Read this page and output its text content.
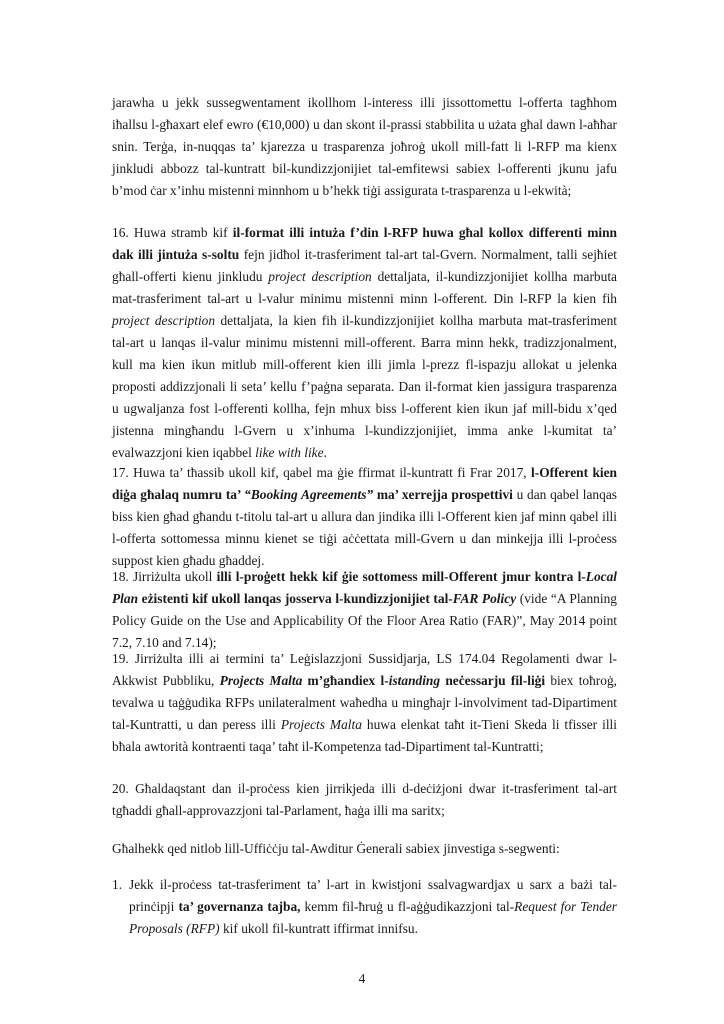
jarawha u jekk sussegwentament ikollhom l-interess illi jissottomettu l-offerta tagħhom iħallsu l-għaxart elef ewro (€10,000) u dan skont il-prassi stabbilita u użata għal dawn l-aħħar snin. Terġa, in-nuqqas ta’ kjarezza u trasparenza joħroġ ukoll mill-fatt li l-RFP ma kienx jinkludi abbozz tal-kuntratt bil-kundizzjonijiet tal-emfitewsi sabiex l-offerenti jkunu jafu b’mod ċar x’inhu mistenni minnhom u b’hekk tiġi assigurata t-trasparenza u l-ekwità;

16. Huwa stramb kif il-format illi intuża f’din l-RFP huwa għal kollox differenti minn dak illi jintuża s-soltu fejn jidħol it-trasferiment tal-art tal-Gvern. Normalment, talli sejħiet għall-offerti kienu jinkludu project description dettaljata, il-kundizzjonijiet kollha marbuta mat-trasferiment tal-art u l-valur minimu mistenni minn l-offerent. Din l-RFP la kien fih project description dettaljata, la kien fih il-kundizzjonijiet kollha marbuta mat-trasferiment tal-art u lanqas il-valur minimu mistenni mill-offerent. Barra minn hekk, tradizzjonalment, kull ma kien ikun mitlub mill-offerent kien illi jimla l-prezz fl-ispazju allokat u jelenka proposti addizzjonali li seta’ kellu f’paġna separata. Dan il-format kien jassigura trasparenza u ugwaljanza fost l-offerenti kollha, fejn mhux biss l-offerent kien ikun jaf mill-bidu x’qed jistenna mingħandu l-Gvern u x’inhuma l-kundizzjonijiet, imma anke l-kumitat ta’ evalwazzjoni kien iqabbel like with like.

17. Huwa ta’ tħassib ukoll kif, qabel ma ġie ffirmat il-kuntratt fi Frar 2017, l-Offerent kien diġa għalaq numru ta’ “Booking Agreements” ma’ xerrejja prospettivi u dan qabel lanqas biss kien għad għandu t-titolu tal-art u allura dan jindika illi l-Offerent kien jaf minn qabel illi l-offerta sottomessa minnu kienet se tiġi aċċettata mill-Gvern u dan minkejja illi l-proċess suppost kien għadu għaddej.

18. Jirriżulta ukoll illi l-proġett hekk kif ġie sottomess mill-Offerent jmur kontra l-Local Plan eżistenti kif ukoll lanqas josserva l-kundizzjonijiet tal-FAR Policy (vide “A Planning Policy Guide on the Use and Applicability Of the Floor Area Ratio (FAR)”, May 2014 point 7.2, 7.10 and 7.14);

19. Jirriżulta illi ai termini ta’ Leġislazzjoni Sussidjarja, LS 174.04 Regolamenti dwar l-Akkwist Pubbliku, Projects Malta m’għandiex l-istanding neċessarju fil-liġi biex toħroġ, tevalwa u taġġudika RFPs unilateralment waħedha u mingħajr l-involviment tad-Dipartiment tal-Kuntratti, u dan peress illi Projects Malta huwa elenkat taħt it-Tieni Skeda li tfisser illi bħala awtorità kontraenti taqa’ taħt il-Kompetenza tad-Dipartiment tal-Kuntratti;

20. Għaldaqstant dan il-proċess kien jirrikjeda illi d-deċiżjoni dwar it-trasferiment tal-art tgħaddi għall-approvazzjoni tal-Parlament, ħaġa illi ma saritx;

Għalhekk qed nitlob lill-Uffiċċju tal-Awditur Ġenerali sabiex jinvestiga s-segwenti:

1. Jekk il-proċess tat-trasferiment ta’ l-art in kwistjoni ssalvagwardjax u sarx a bażi tal-prinċipji ta’ governanza tajba, kemm fil-ħruġ u fl-aġġudikazzjoni tal-Request for Tender Proposals (RFP) kif ukoll fil-kuntratt iffirmat innifsu.
4
